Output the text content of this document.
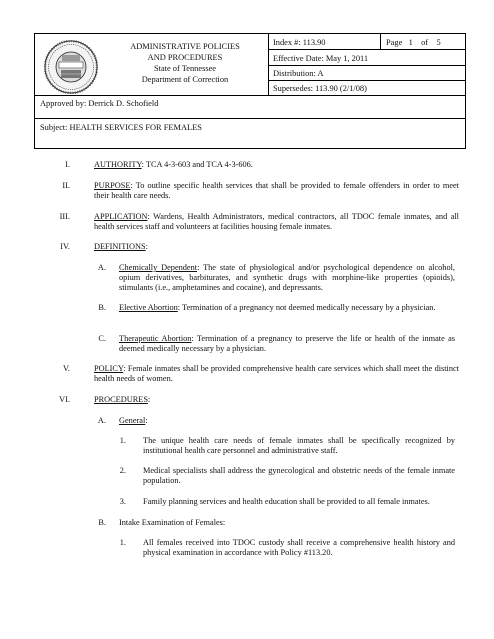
ADMINISTRATIVE POLICIES
AND PROCEDURES
State of Tennessee
Department of Correction
Index #: 113.90	Page 1 of 5
Effective Date: May 1, 2011
Distribution: A
Supersedes: 113.90 (2/1/08)
Approved by: Derrick D. Schofield
Subject: HEALTH SERVICES FOR FEMALES
I.	AUTHORITY: TCA 4-3-603 and TCA 4-3-606.
II.	PURPOSE: To outline specific health services that shall be provided to female offenders in order to meet their health care needs.
III.	APPLICATION: Wardens, Health Administrators, medical contractors, all TDOC female inmates, and all health services staff and volunteers at facilities housing female inmates.
IV.	DEFINITIONS:
A. Chemically Dependent: The state of physiological and/or psychological dependence on alcohol, opium derivatives, barbiturates, and synthetic drugs with morphine-like properties (opioids), stimulants (i.e., amphetamines and cocaine), and depressants.
B. Elective Abortion: Termination of a pregnancy not deemed medically necessary by a physician.
C. Therapeutic Abortion: Termination of a pregnancy to preserve the life or health of the inmate as deemed medically necessary by a physician.
V.	POLICY: Female inmates shall be provided comprehensive health care services which shall meet the distinct health needs of women.
VI.	PROCEDURES:
A. General:
1. The unique health care needs of female inmates shall be specifically recognized by institutional health care personnel and administrative staff.
2. Medical specialists shall address the gynecological and obstetric needs of the female inmate population.
3. Family planning services and health education shall be provided to all female inmates.
B. Intake Examination of Females:
1. All females received into TDOC custody shall receive a comprehensive health history and physical examination in accordance with Policy #113.20.
